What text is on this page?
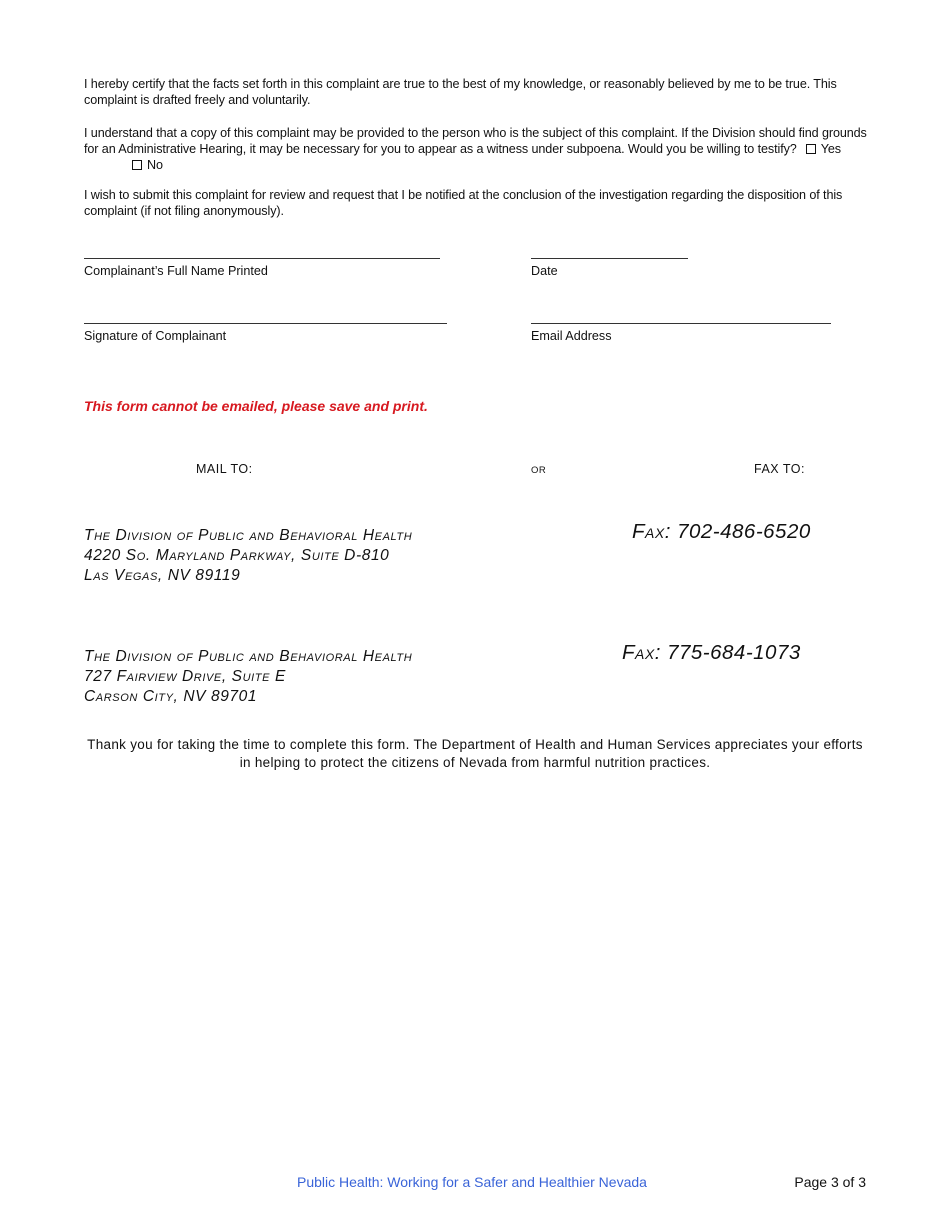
I hereby certify that the facts set forth in this complaint are true to the best of my knowledge, or reasonably believed by me to be true. This complaint is drafted freely and voluntarily.
I understand that a copy of this complaint may be provided to the person who is the subject of this complaint. If the Division should find grounds for an Administrative Hearing, it may be necessary for you to appear as a witness under subpoena. Would you be willing to testify? YesNo
I wish to submit this complaint for review and request that I be notified at the conclusion of the investigation regarding the disposition of this complaint (if not filing anonymously).
Complainant’s Full Name Printed	Date
Signature of Complainant	Email Address
This form cannot be emailed, please save and print.
MAIL TO:	OR	FAX TO:
The Division of Public and Behavioral Health
4220 So. Maryland Parkway, Suite D-810
Las Vegas, NV 89119
Fax: 702-486-6520
The Division of Public and Behavioral Health
727 Fairview Drive, Suite E
Carson City, NV 89701
Fax: 775-684-1073
Thank you for taking the time to complete this form. The Department of Health and Human Services appreciates your efforts in helping to protect the citizens of Nevada from harmful nutrition practices.
Public Health: Working for a Safer and Healthier Nevada	Page 3 of 3
